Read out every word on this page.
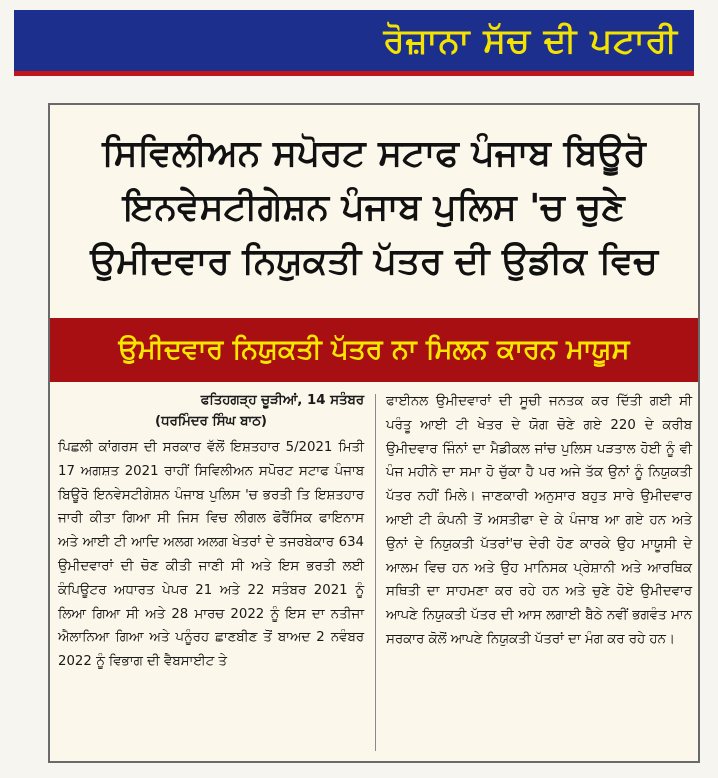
ਰੋਜ਼ਾਨਾ ਸੱਚ ਦੀ ਪਟਾਰੀ
ਸਿਵਿਲੀਅਨ ਸਪੋਰਟ ਸਟਾਫ ਪੰਜਾਬ ਬਿਊਰੋ
ਇਨਵੇਸਟੀਗੇਸ਼ਨ ਪੰਜਾਬ ਪੁਲਿਸ 'ਚ ਚੁਣੇ
ਉਮੀਦਵਾਰ ਨਿਯੁਕਤੀ ਪੱਤਰ ਦੀ ਉਡੀਕ ਵਿਚ
ਉਮੀਦਵਾਰ ਨਿਯੁਕਤੀ ਪੱਤਰ ਨਾ ਮਿਲਨ ਕਾਰਨ ਮਾਯੂਸ
ਫਤਿਹਗੜ੍ਹ ਚੂੜੀਆਂ, 14 ਸਤੰਬਰ
(ਧਰਮਿੰਦਰ ਸਿੰਘ ਬਾਠ)

ਪਿਛਲੀ ਕਾਂਗਰਸ ਦੀ ਸਰਕਾਰ ਵੱਲੋਂ ਇਸ਼ਤਹਾਰ 5/2021 ਮਿਤੀ 17 ਅਗਸ਼ਤ 2021 ਰਾਹੀਂ ਸਿਵਿਲੀਅਨ ਸਪੋਰਟ ਸਟਾਫ ਪੰਜਾਬ ਬਿਊਰੋ ਇਨਵੇਸਟੀਗੇਸ਼ਨ ਪੰਜਾਬ ਪੁਲਿਸ 'ਚ ਭਰਤੀ ਤਿ ਇਸ਼ਤਹਾਰ ਜਾਰੀ ਕੀਤਾ ਗਿਆ ਸੀ ਜਿਸ ਵਿਚ ਲੀਗਲ ਫੋਰੈਂਸਿਕ ਫਾਇਨਾਸ ਅਤੇ ਆਈ ਟੀ ਆਦਿ ਅਲਗ ਅਲਗ ਖੇਤਰਾਂ ਦੇ ਤਜਰਬੇਕਾਰ 634 ਉਮੀਦਵਾਰਾਂ ਦੀ ਚੋਣ ਕੀਤੀ ਜਾਣੀ ਸੀ ਅਤੇ ਇਸ ਭਰਤੀ ਲਈ ਕੰਪਿਊਟਰ ਅਧਾਰਤ ਪੇਪਰ 21 ਅਤੇ 22 ਸਤੰਬਰ 2021 ਨੂੰ ਲਿਆ ਗਿਆ ਸੀ ਅਤੇ 28 ਮਾਰਚ 2022 ਨੂੰ ਇਸ ਦਾ ਨਤੀਜਾ ਐਲਾਨਿਆ ਗਿਆ ਅਤੇ ਪਨੂੰਰਹ ਛਾਣਬੀਣ ਤੋਂ ਬਾਅਦ 2 ਨਵੰਬਰ 2022 ਨੂੰ ਵਿਭਾਗ ਦੀ ਵੈਬਸਾਈਟ ਤੇ

ਫਾਈਨਲ ਉਮੀਦਵਾਰਾਂ ਦੀ ਸੂਚੀ ਜਨਤਕ ਕਰ ਦਿੱਤੀ ਗਈ ਸੀ ਪਰੰਤੂ ਆਈ ਟੀ ਖੇਤਰ ਦੇ ਯੋਗ ਚੋਣੇ ਗਏ 220 ਦੇ ਕਰੀਬ ਉਮੀਦਵਾਰ ਜਿੰਨਾਂ ਦਾ ਮੈਡੀਕਲ ਜਾਂਚ ਪੁਲਿਸ ਪੜਤਾਲ ਹੋਈ ਨੂੰ ਵੀ ਪੰਜ ਮਹੀਨੇ ਦਾ ਸਮਾ ਹੋ ਚੁੱਕਾ ਹੈ ਪਰ ਅਜੇ ਤੱਕ ਉਨਾਂ ਨੂੰ ਨਿਯੁਕਤੀ ਪੱਤਰ ਨਹੀਂ ਮਿਲੇ। ਜਾਣਕਾਰੀ ਅਨੁਸਾਰ ਬਹੁਤ ਸਾਰੇ ਉਮੀਦਵਾਰ ਆਈ ਟੀ ਕੰਪਨੀ ਤੋਂ ਅਸਤੀਫਾ ਦੇ ਕੇ ਪੰਜਾਬ ਆ ਗਏ ਹਨ ਅਤੇ ਉਨਾਂ ਦੇ ਨਿਯੁਕਤੀ ਪੱਤਰਾਂ'ਚ ਦੇਰੀ ਹੋਣ ਕਾਰਕੇ ਉਹ ਮਾਯੂਸੀ ਦੇ ਆਲਮ ਵਿਚ ਹਨ ਅਤੇ ਉਹ ਮਾਨਿਸਕ ਪ੍ਰੇਸ਼ਾਨੀ ਅਤੇ ਆਰਥਿਕ ਸਥਿਤੀ ਦਾ ਸਾਹਮਣਾ ਕਰ ਰਹੇ ਹਨ ਅਤੇ ਚੁਣੇ ਹੋਏ ਉਮੀਦਵਾਰ ਆਪਣੇ ਨਿਯੁਕਤੀ ਪੱਤਰ ਦੀ ਆਸ ਲਗਾਈ ਬੈਠੇ ਨਵੀਂ ਭਗਵੰਤ ਮਾਨ ਸਰਕਾਰ ਕੋਲੋਂ ਆਪਣੇ ਨਿਯੁਕਤੀ ਪੱਤਰਾਂ ਦਾ ਮੰਗ ਕਰ ਰਹੇ ਹਨ।
